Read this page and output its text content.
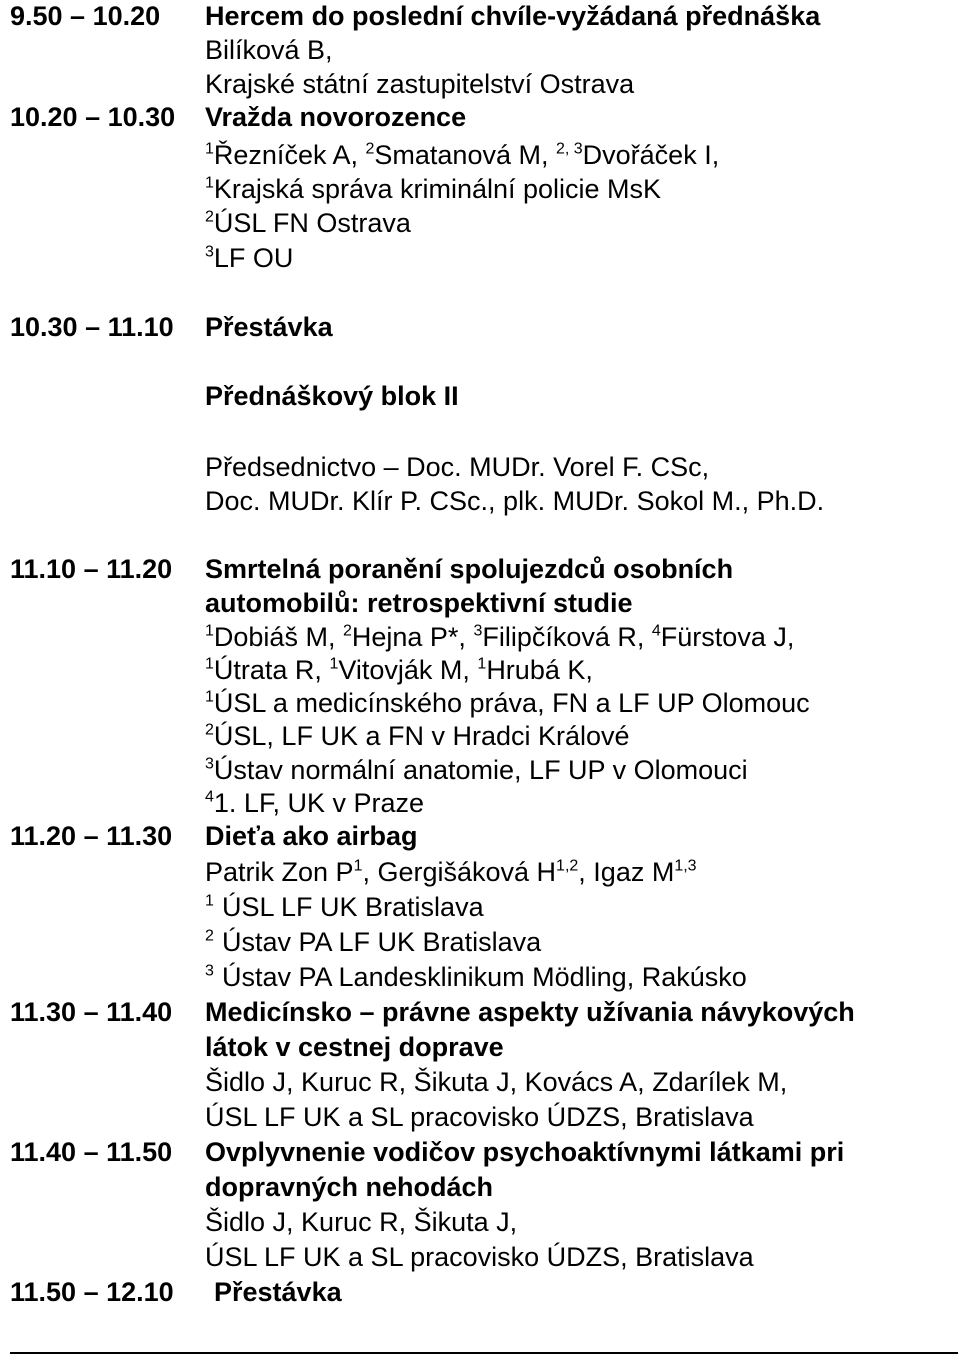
9.50 – 10.20 Hercem do poslední chvíle-vyžádaná přednáška
Bilíková B,
Krajské státní zastupitelství Ostrava
10.20 – 10.30 Vražda novorozence
$^1$Řezníček A, $^2$Smatanová M, $^{2, 3}$Dvořáček I,
$^1$Krajská správa kriminální policie MsK
$^2$ÚSL FN Ostrava
$^3$LF OU
10.30 – 11.10 Přestávka
Přednáškový blok II
Předsednictvo – Doc. MUDr. Vorel F. CSc,
Doc. MUDr. Klír P. CSc., plk. MUDr. Sokol M., Ph.D.
11.10 – 11.20 Smrtelná poranění spolujezdců osobních
automobilů: retrospektivní studie
$^1$Dobiáš M, $^2$Hejna P*, $^3$Filipčíková R, $^4$Fürstova J,
$^1$Útrata R, $^1$Vitovják M, $^1$Hrubá K,
$^1$ÚSL a medicínského práva, FN a LF UP Olomouc
$^2$ÚSL, LF UK a FN v Hradci Králové
$^3$Ústav normální anatomie, LF UP v Olomouci
$^4$1. LF, UK v Praze
11.20 – 11.30 Dieťa ako airbag
Patrik Zon $P^1$, Gergišáková H$^{1,2}$, Igaz M$^{1,3}$
$^1$ ÚSL LF UK Bratislava
$^2$ Ústav PA LF UK Bratislava
$^3$ Ústav PA Landesklinikum Mödling, Rakúsko
11.30 – 11.40 Medicínsko – právne aspekty užívania návykových
látok v cestnej doprave
Šidlo J, Kuruc R, Šikuta J, Kovács A, Zdarílek M,
ÚSL LF UK a SL pracovisko ÚDZS, Bratislava
11.40 – 11.50 Ovplyvnenie vodičov psychoaktívnymi látkami pri
dopravných nehodách
Šidlo J, Kuruc R, Šikuta J,
ÚSL LF UK a SL pracovisko ÚDZS, Bratislava
11.50 – 12.10 Přestávka
